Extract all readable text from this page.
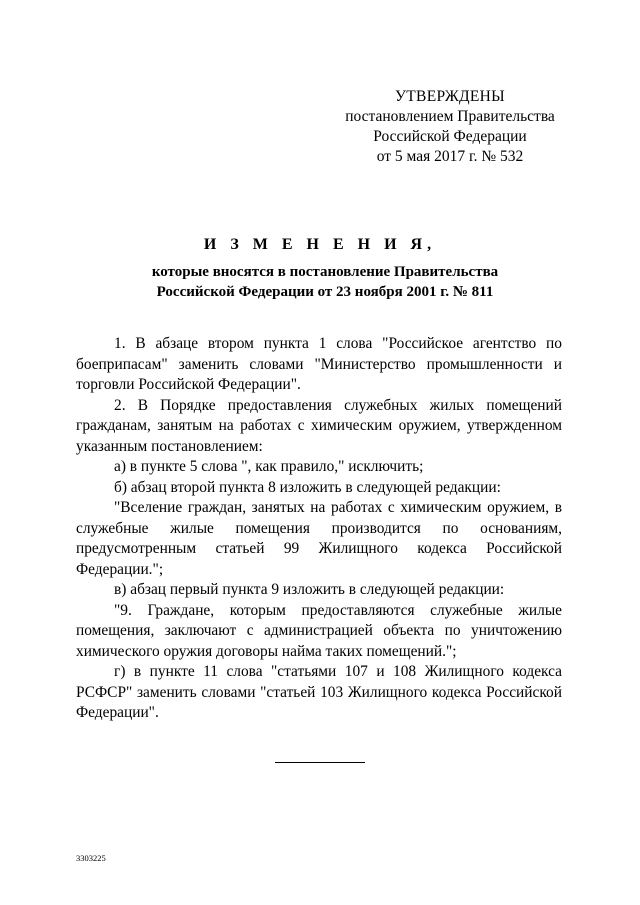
УТВЕРЖДЕНЫ
постановлением Правительства
Российской Федерации
от 5 мая 2017 г. № 532
И З М Е Н Е Н И Я,
которые вносятся в постановление Правительства
Российской Федерации от 23 ноября 2001 г. № 811

1. В абзаце втором пункта 1 слова "Российское агентство по боеприпасам" заменить словами "Министерство промышленности и торговли Российской Федерации".

2. В Порядке предоставления служебных жилых помещений гражданам, занятым на работах с химическим оружием, утвержденном указанным постановлением:

а) в пункте 5 слова ", как правило," исключить;

б) абзац второй пункта 8 изложить в следующей редакции:

"Вселение граждан, занятых на работах с химическим оружием, в служебные жилые помещения производится по основаниям, предусмотренным статьей 99 Жилищного кодекса Российской Федерации.";

в) абзац первый пункта 9 изложить в следующей редакции:

"9. Граждане, которым предоставляются служебные жилые помещения, заключают с администрацией объекта по уничтожению химического оружия договоры найма таких помещений.";

г) в пункте 11 слова "статьями 107 и 108 Жилищного кодекса РСФСР" заменить словами "статьей 103 Жилищного кодекса Российской Федерации".

3303225
